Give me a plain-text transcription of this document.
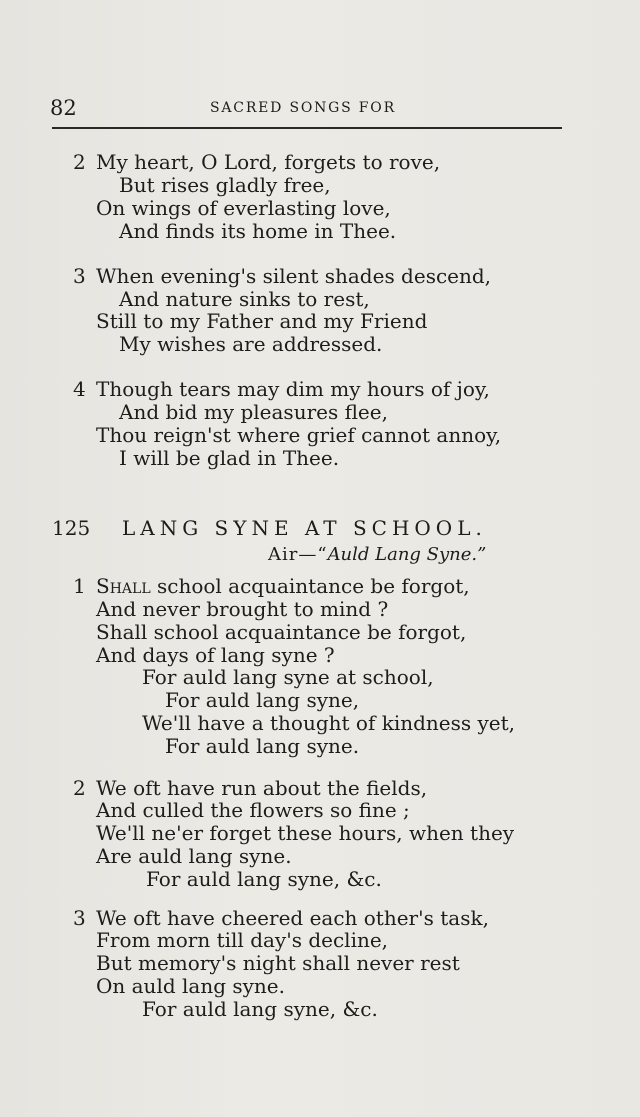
82	SACRED SONGS FOR
2 My heart, O Lord, forgets to rove,
But rises gladly free,
On wings of everlasting love,
And finds its home in Thee.
3 When evening's silent shades descend,
And nature sinks to rest,
Still to my Father and my Friend
My wishes are addressed.
4 Though tears may dim my hours of joy,
And bid my pleasures flee,
Thou reign'st where grief cannot annoy,
I will be glad in Thee.
125 LANG SYNE AT SCHOOL.
Air—“Auld Lang Syne.”
1 Shall school acquaintance be forgot,
And never brought to mind ?
Shall school acquaintance be forgot,
And days of lang syne ?
For auld lang syne at school,
For auld lang syne,
We'll have a thought of kindness yet,
For auld lang syne.
2 We oft have run about the fields,
And culled the flowers so fine ;
We'll ne'er forget these hours, when they
Are auld lang syne.
For auld lang syne, &c.
3 We oft have cheered each other's task,
From morn till day's decline,
But memory's night shall never rest
On auld lang syne.
For auld lang syne, &c.
